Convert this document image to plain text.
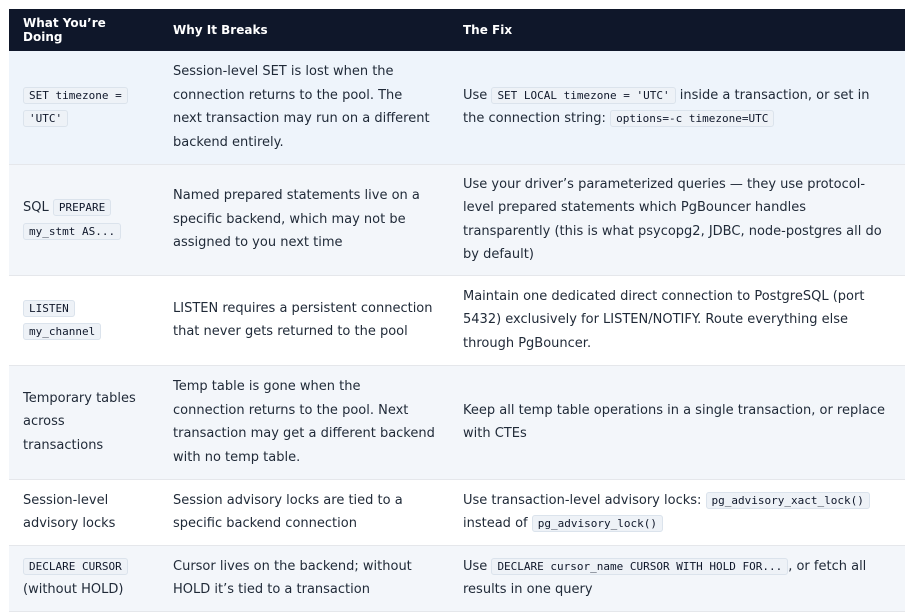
What You’re Doing	Why It Breaks	The Fix
SET timezone =
'UTC'	Session-level SET is lost when the connection returns to the pool. The next transaction may run on a different backend entirely.	Use SET LOCAL timezone = 'UTC' inside a transaction, or set in the connection string: options=-c timezone=UTC
SQL PREPARE
my_stmt AS...	Named prepared statements live on a specific backend, which may not be assigned to you next time	Use your driver’s parameterized queries — they use protocol-level prepared statements which PgBouncer handles transparently (this is what psycopg2, JDBC, node-postgres all do by default)
LISTEN
my_channel	LISTEN requires a persistent connection that never gets returned to the pool	Maintain one dedicated direct connection to PostgreSQL (port 5432) exclusively for LISTEN/NOTIFY. Route everything else through PgBouncer.
Temporary tables across transactions	Temp table is gone when the connection returns to the pool. Next transaction may get a different backend with no temp table.	Keep all temp table operations in a single transaction, or replace with CTEs
Session-level advisory locks	Session advisory locks are tied to a specific backend connection	Use transaction-level advisory locks: pg_advisory_xact_lock()
instead of pg_advisory_lock()
DECLARE CURSOR
(without HOLD)	Cursor lives on the backend; without HOLD it’s tied to a transaction	Use DECLARE cursor_name CURSOR WITH HOLD FOR... , or fetch all results in one query
